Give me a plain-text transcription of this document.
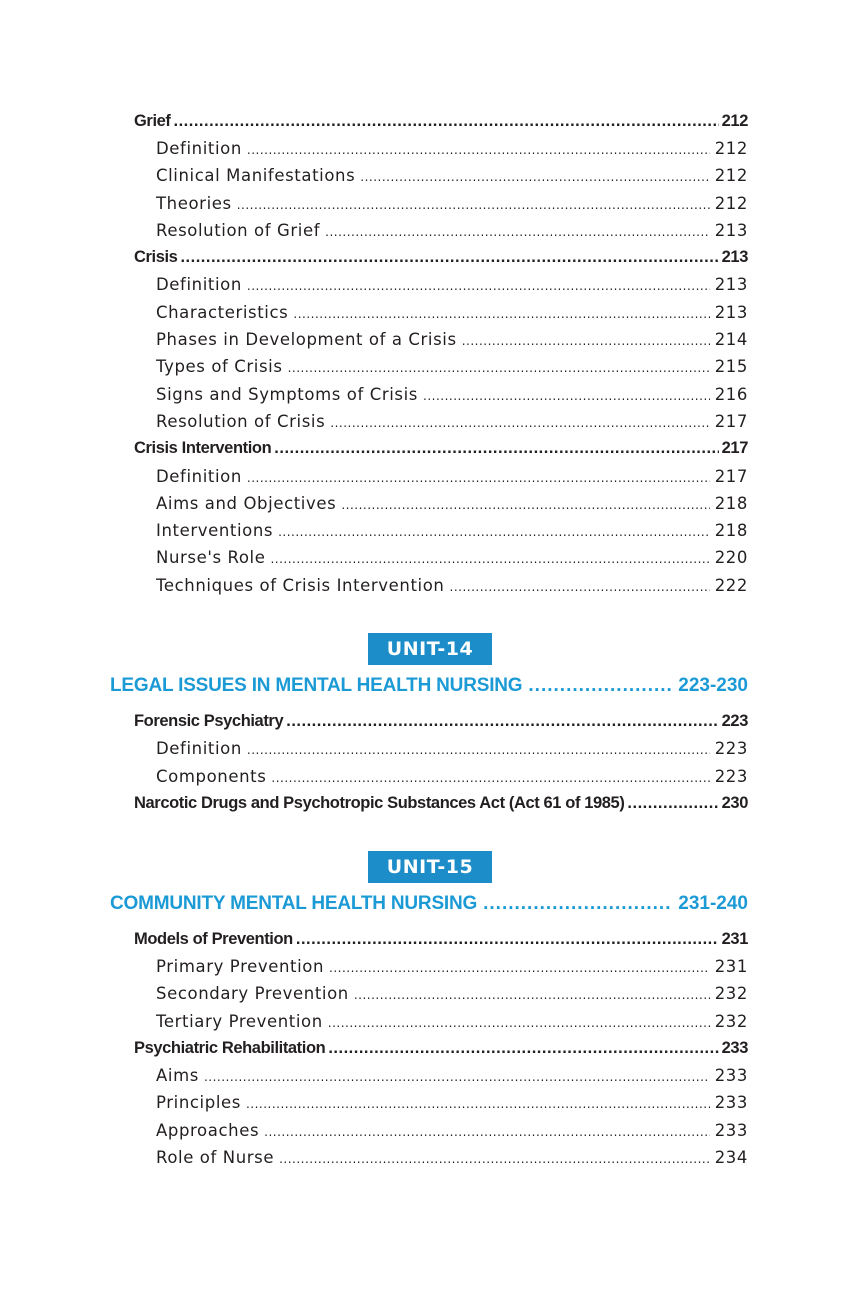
Grief .....	212
Definition .....	212
Clinical Manifestations .....	212
Theories .....	212
Resolution of Grief .....	213
Crisis .....	213
Definition .....	213
Characteristics .....	213
Phases in Development of a Crisis .....	214
Types of Crisis .....	215
Signs and Symptoms of Crisis .....	216
Resolution of Crisis .....	217
Crisis Intervention .....	217
Definition .....	217
Aims and Objectives .....	218
Interventions .....	218
Nurse's Role .....	220
Techniques of Crisis Intervention .....	222
UNIT-14
LEGAL ISSUES IN MENTAL HEALTH NURSING .....	223-230
Forensic Psychiatry .....	223
Definition .....	223
Components .....	223
Narcotic Drugs and Psychotropic Substances Act (Act 61 of 1985) .....	230
UNIT-15
COMMUNITY MENTAL HEALTH NURSING .....	231-240
Models of Prevention .....	231
Primary Prevention .....	231
Secondary Prevention .....	232
Tertiary Prevention .....	232
Psychiatric Rehabilitation .....	233
Aims .....	233
Principles .....	233
Approaches .....	233
Role of Nurse .....	234
